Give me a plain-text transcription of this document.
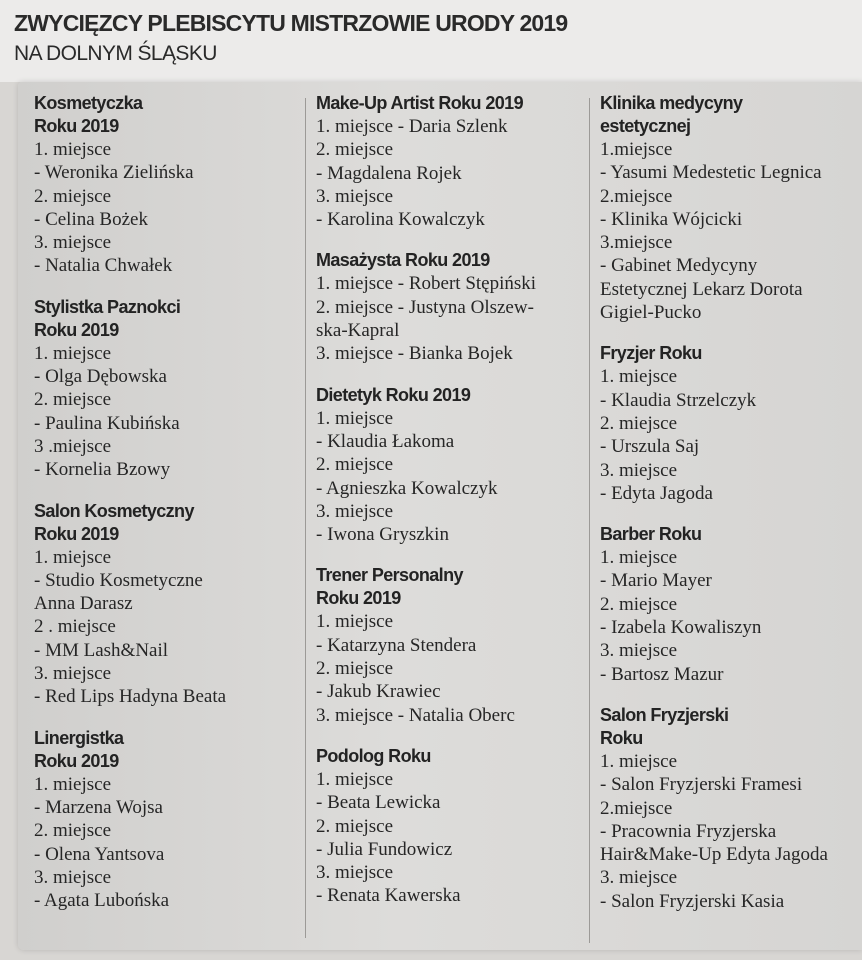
ZWYCIĘZCY PLEBISCYTU MISTRZOWIE URODY 2019
NA DOLNYM ŚLĄSKU
Kosmetyczka
Roku 2019
1. miejsce
- Weronika Zielińska
2. miejsce
- Celina Bożek
3. miejsce
- Natalia Chwałek
Stylistka Paznokci
Roku 2019
1. miejsce
- Olga Dębowska
2. miejsce
- Paulina Kubińska
3 .miejsce
- Kornelia Bzowy
Salon Kosmetyczny
Roku 2019
1. miejsce
- Studio Kosmetyczne
Anna Darasz
2 . miejsce
- MM Lash&Nail
3. miejsce
- Red Lips Hadyna Beata
Linergistka
Roku 2019
1. miejsce
- Marzena Wojsa
2. miejsce
- Olena Yantsova
3. miejsce
- Agata Lubońska
Make-Up Artist Roku 2019
1. miejsce - Daria Szlenk
2. miejsce
- Magdalena Rojek
3. miejsce
- Karolina Kowalczyk
Masażysta Roku 2019
1. miejsce - Robert Stępiński
2. miejsce - Justyna Olszew-
ska-Kapral
3. miejsce - Bianka Bojek
Dietetyk Roku 2019
1. miejsce
- Klaudia Łakoma
2. miejsce
- Agnieszka Kowalczyk
3. miejsce
- Iwona Gryszkin
Trener Personalny
Roku 2019
1. miejsce
- Katarzyna Stendera
2. miejsce
- Jakub Krawiec
3. miejsce - Natalia Oberc
Podolog Roku
1. miejsce
- Beata Lewicka
2. miejsce
- Julia Fundowicz
3. miejsce
- Renata Kawerska
Klinika medycyny
estetycznej
1.miejsce
- Yasumi Medestetic Legnica
2.miejsce
- Klinika Wójcicki
3.miejsce
- Gabinet Medycyny
Estetycznej Lekarz Dorota
Gigiel-Pucko
Fryzjer Roku
1. miejsce
- Klaudia Strzelczyk
2. miejsce
- Urszula Saj
3. miejsce
- Edyta Jagoda
Barber Roku
1. miejsce
- Mario Mayer
2. miejsce
- Izabela Kowaliszyn
3. miejsce
- Bartosz Mazur
Salon Fryzjerski
Roku
1. miejsce
- Salon Fryzjerski Framesi
2.miejsce
- Pracownia Fryzjerska
Hair&Make-Up Edyta Jagoda
3. miejsce
- Salon Fryzjerski Kasia
